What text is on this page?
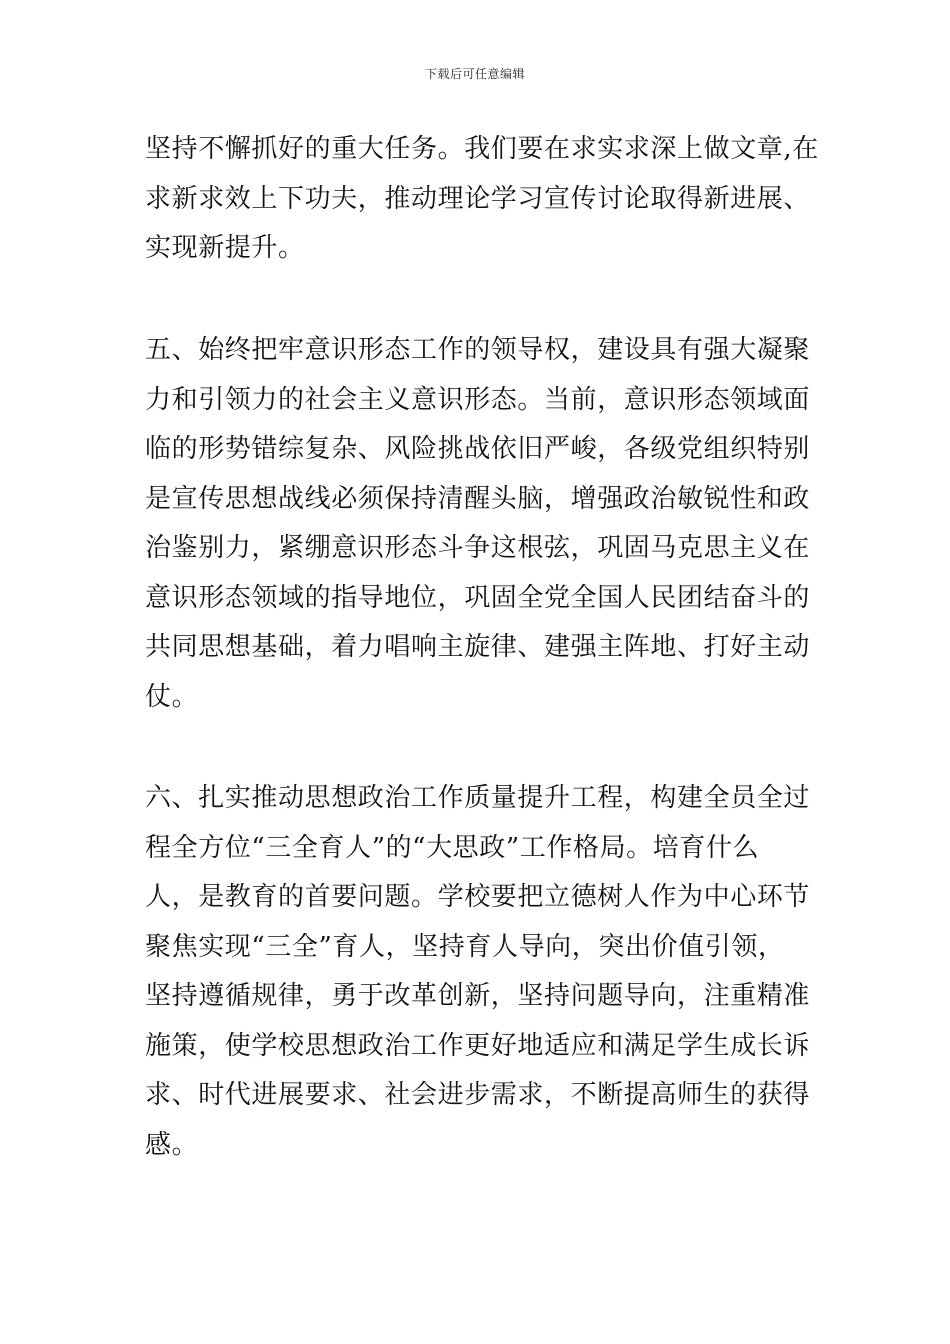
下载后可任意编辑
坚持不懈抓好的重大任务。我们要在求实求深上做文章,在
求新求效上下功夫，推动理论学习宣传讨论取得新进展、
实现新提升。
五、始终把牢意识形态工作的领导权，建设具有强大凝聚
力和引领力的社会主义意识形态。当前，意识形态领域面
临的形势错综复杂、风险挑战依旧严峻，各级党组织特别
是宣传思想战线必须保持清醒头脑，增强政治敏锐性和政
治鉴别力，紧绷意识形态斗争这根弦，巩固马克思主义在
意识形态领域的指导地位，巩固全党全国人民团结奋斗的
共同思想基础，着力唱响主旋律、建强主阵地、打好主动
仗。
六、扎实推动思想政治工作质量提升工程，构建全员全过
程全方位“三全育人”的“大思政”工作格局。培育什么
人，是教育的首要问题。学校要把立德树人作为中心环节
聚焦实现“三全”育人，坚持育人导向，突出价值引领，
坚持遵循规律，勇于改革创新，坚持问题导向，注重精准
施策，使学校思想政治工作更好地适应和满足学生成长诉
求、时代进展要求、社会进步需求，不断提高师生的获得
感。
